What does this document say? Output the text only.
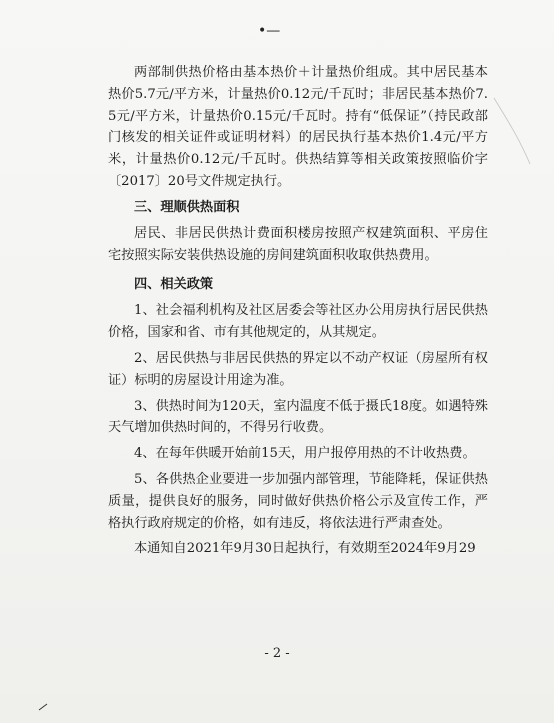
•—

两部制供热价格由基本热价＋计量热价组成。其中居民基本热价5.7元/平方米，计量热价0.12元/千瓦时；非居民基本热价7.5元/平方米，计量热价0.15元/千瓦时。持有“低保证”（持民政部门核发的相关证件或证明材料）的居民执行基本热价1.4元/平方米，计量热价0.12元/千瓦时。供热结算等相关政策按照临价字〔2017〕20号文件规定执行。

三、理顺供热面积

居民、非居民供热计费面积楼房按照产权建筑面积、平房住宅按照实际安装供热设施的房间建筑面积收取供热费用。

四、相关政策

1、社会福利机构及社区居委会等社区办公用房执行居民供热价格，国家和省、市有其他规定的，从其规定。

2、居民供热与非居民供热的界定以不动产权证（房屋所有权证）标明的房屋设计用途为准。

3、供热时间为120天，室内温度不低于摄氏18度。如遇特殊天气增加供热时间的，不得另行收费。

4、在每年供暖开始前15天，用户报停用热的不计收热费。

5、各供热企业要进一步加强内部管理，节能降耗，保证供热质量，提供良好的服务，同时做好供热价格公示及宣传工作，严格执行政府规定的价格，如有违反，将依法进行严肃查处。

本通知自2021年9月30日起执行，有效期至2024年9月29

- 2 -
